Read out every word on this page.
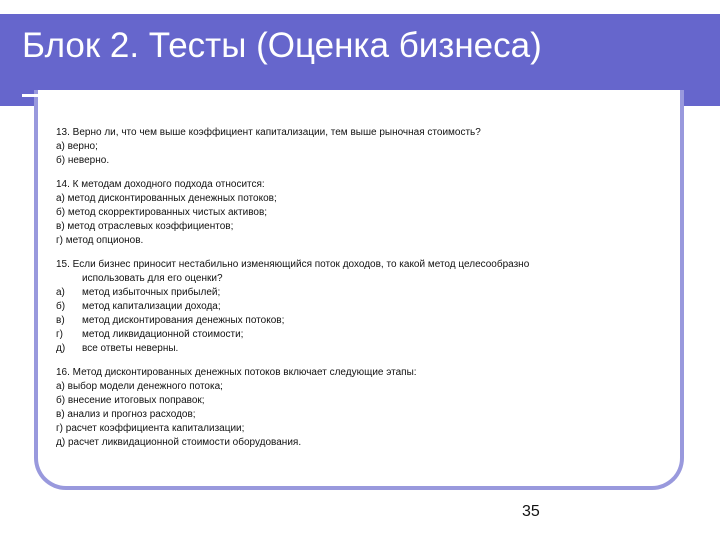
Блок 2. Тесты (Оценка бизнеса)
13. Верно ли, что чем выше коэффициент капитализации, тем выше рыночная стоимость?
а) верно;
б) неверно.
14. К методам доходного подхода относится:
а) метод дисконтированных денежных потоков;
б) метод скорректированных чистых активов;
в) метод отраслевых коэффициентов;
г) метод опционов.
15. Если бизнес приносит нестабильно изменяющийся поток доходов, то какой метод целесообразно
использовать для его оценки?
а)	метод избыточных прибылей;
б)	метод капитализации дохода;
в)	метод дисконтирования денежных потоков;
г)	метод ликвидационной стоимости;
д)	все ответы неверны.
16. Метод дисконтированных денежных потоков включает следующие этапы:
а) выбор модели денежного потока;
б) внесение итоговых поправок;
в) анализ и прогноз расходов;
г) расчет коэффициента капитализации;
д) расчет ликвидационной стоимости оборудования.
35
